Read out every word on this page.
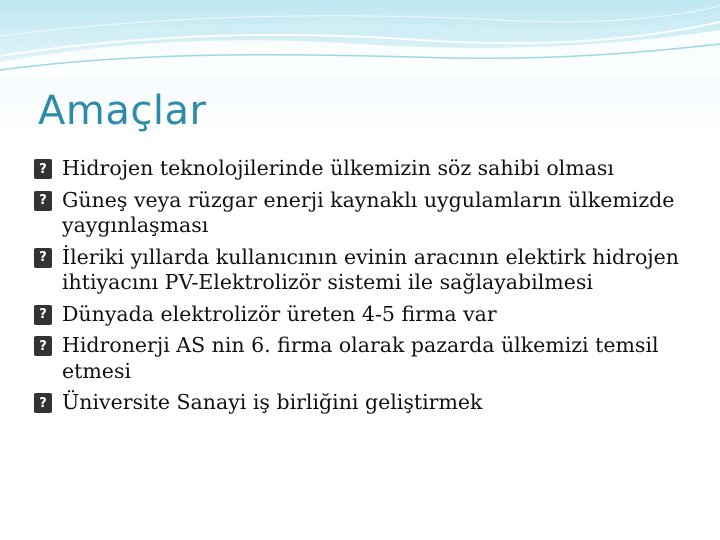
Amaçlar
? Hidrojen teknolojilerinde ülkemizin söz sahibi olması
? Güneş veya rüzgar enerji kaynaklı uygulamların ülkemizde yaygınlaşması
? İleriki yıllarda kullanıcının evinin aracının elektirk hidrojen ihtiyacını PV-Elektrolizör sistemi ile sağlayabilmesi
? Dünyada elektrolizör üreten 4-5 firma var
? Hidronerji AS nin 6. firma olarak pazarda ülkemizi temsil etmesi
? Üniversite Sanayi iş birliğini geliştirmek
